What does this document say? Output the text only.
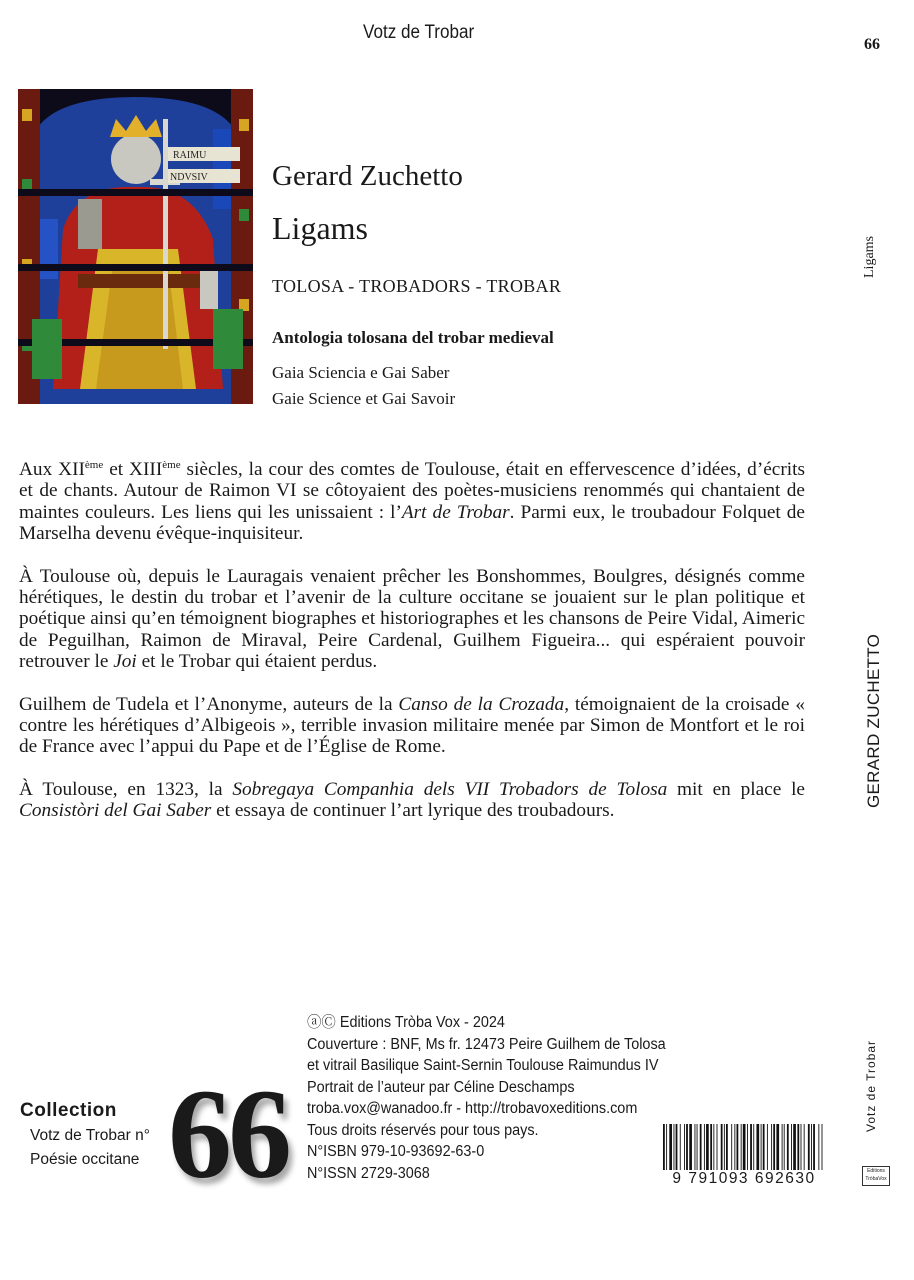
Votz de Trobar
66
Ligams
GERARD ZUCHETTO
Votz de Trobar
Editions
TròbaVox
RAIMU
NDVSIV Gerard Zuchetto
Ligams
TOLOSA - TROBADORS - TROBAR
Antologia tolosana del trobar medieval
Gaia Sciencia e Gai Saber
Gaie Science et Gai Savoir

Aux XIIème et XIIIème siècles, la cour des comtes de Toulouse, était en effervescence d’idées, d’écrits et de chants. Autour de Raimon VI se côtoyaient des poètes-musiciens renommés qui chantaient de maintes couleurs. Les liens qui les unissaient : l’Art de Trobar. Parmi eux, le troubadour Folquet de Marselha devenu évêque-inquisiteur.

À Toulouse où, depuis le Lauragais venaient prêcher les Bonshommes, Boulgres, désignés comme hérétiques, le destin du trobar et l’avenir de la culture occitane se jouaient sur le plan politique et poétique ainsi qu’en témoignent biographes et historiographes et les chansons de Peire Vidal, Aimeric de Peguilhan, Raimon de Miraval, Peire Cardenal, Guilhem Figueira... qui espéraient pouvoir retrouver le Joi et le Trobar qui étaient perdus.

Guilhem de Tudela et l’Anonyme, auteurs de la Canso de la Crozada, témoignaient de la croisade « contre les hérétiques d’Albigeois », terrible invasion militaire menée par Simon de Montfort et le roi de France avec l’appui du Pape et de l’Église de Rome.

À Toulouse, en 1323, la Sobregaya Companhia dels VII Trobadors de Tolosa mit en place le Consistòri del Gai Saber et essaya de continuer l’art lyrique des troubadours.

ⓐⒸ Editions Tròba Vox - 2024
Couverture : BNF, Ms fr. 12473 Peire Guilhem de Tolosa
et vitrail Basilique Saint-Sernin Toulouse Raimundus IV
Portrait de l’auteur par Céline Deschamps
troba.vox@wanadoo.fr - http://trobavoxeditions.com
Tous droits réservés pour tous pays.
N°ISBN 979-10-93692-63-0
N°ISSN 2729-3068
Collection
Votz de Trobar n°
Poésie occitane 66	9 791093 692630
